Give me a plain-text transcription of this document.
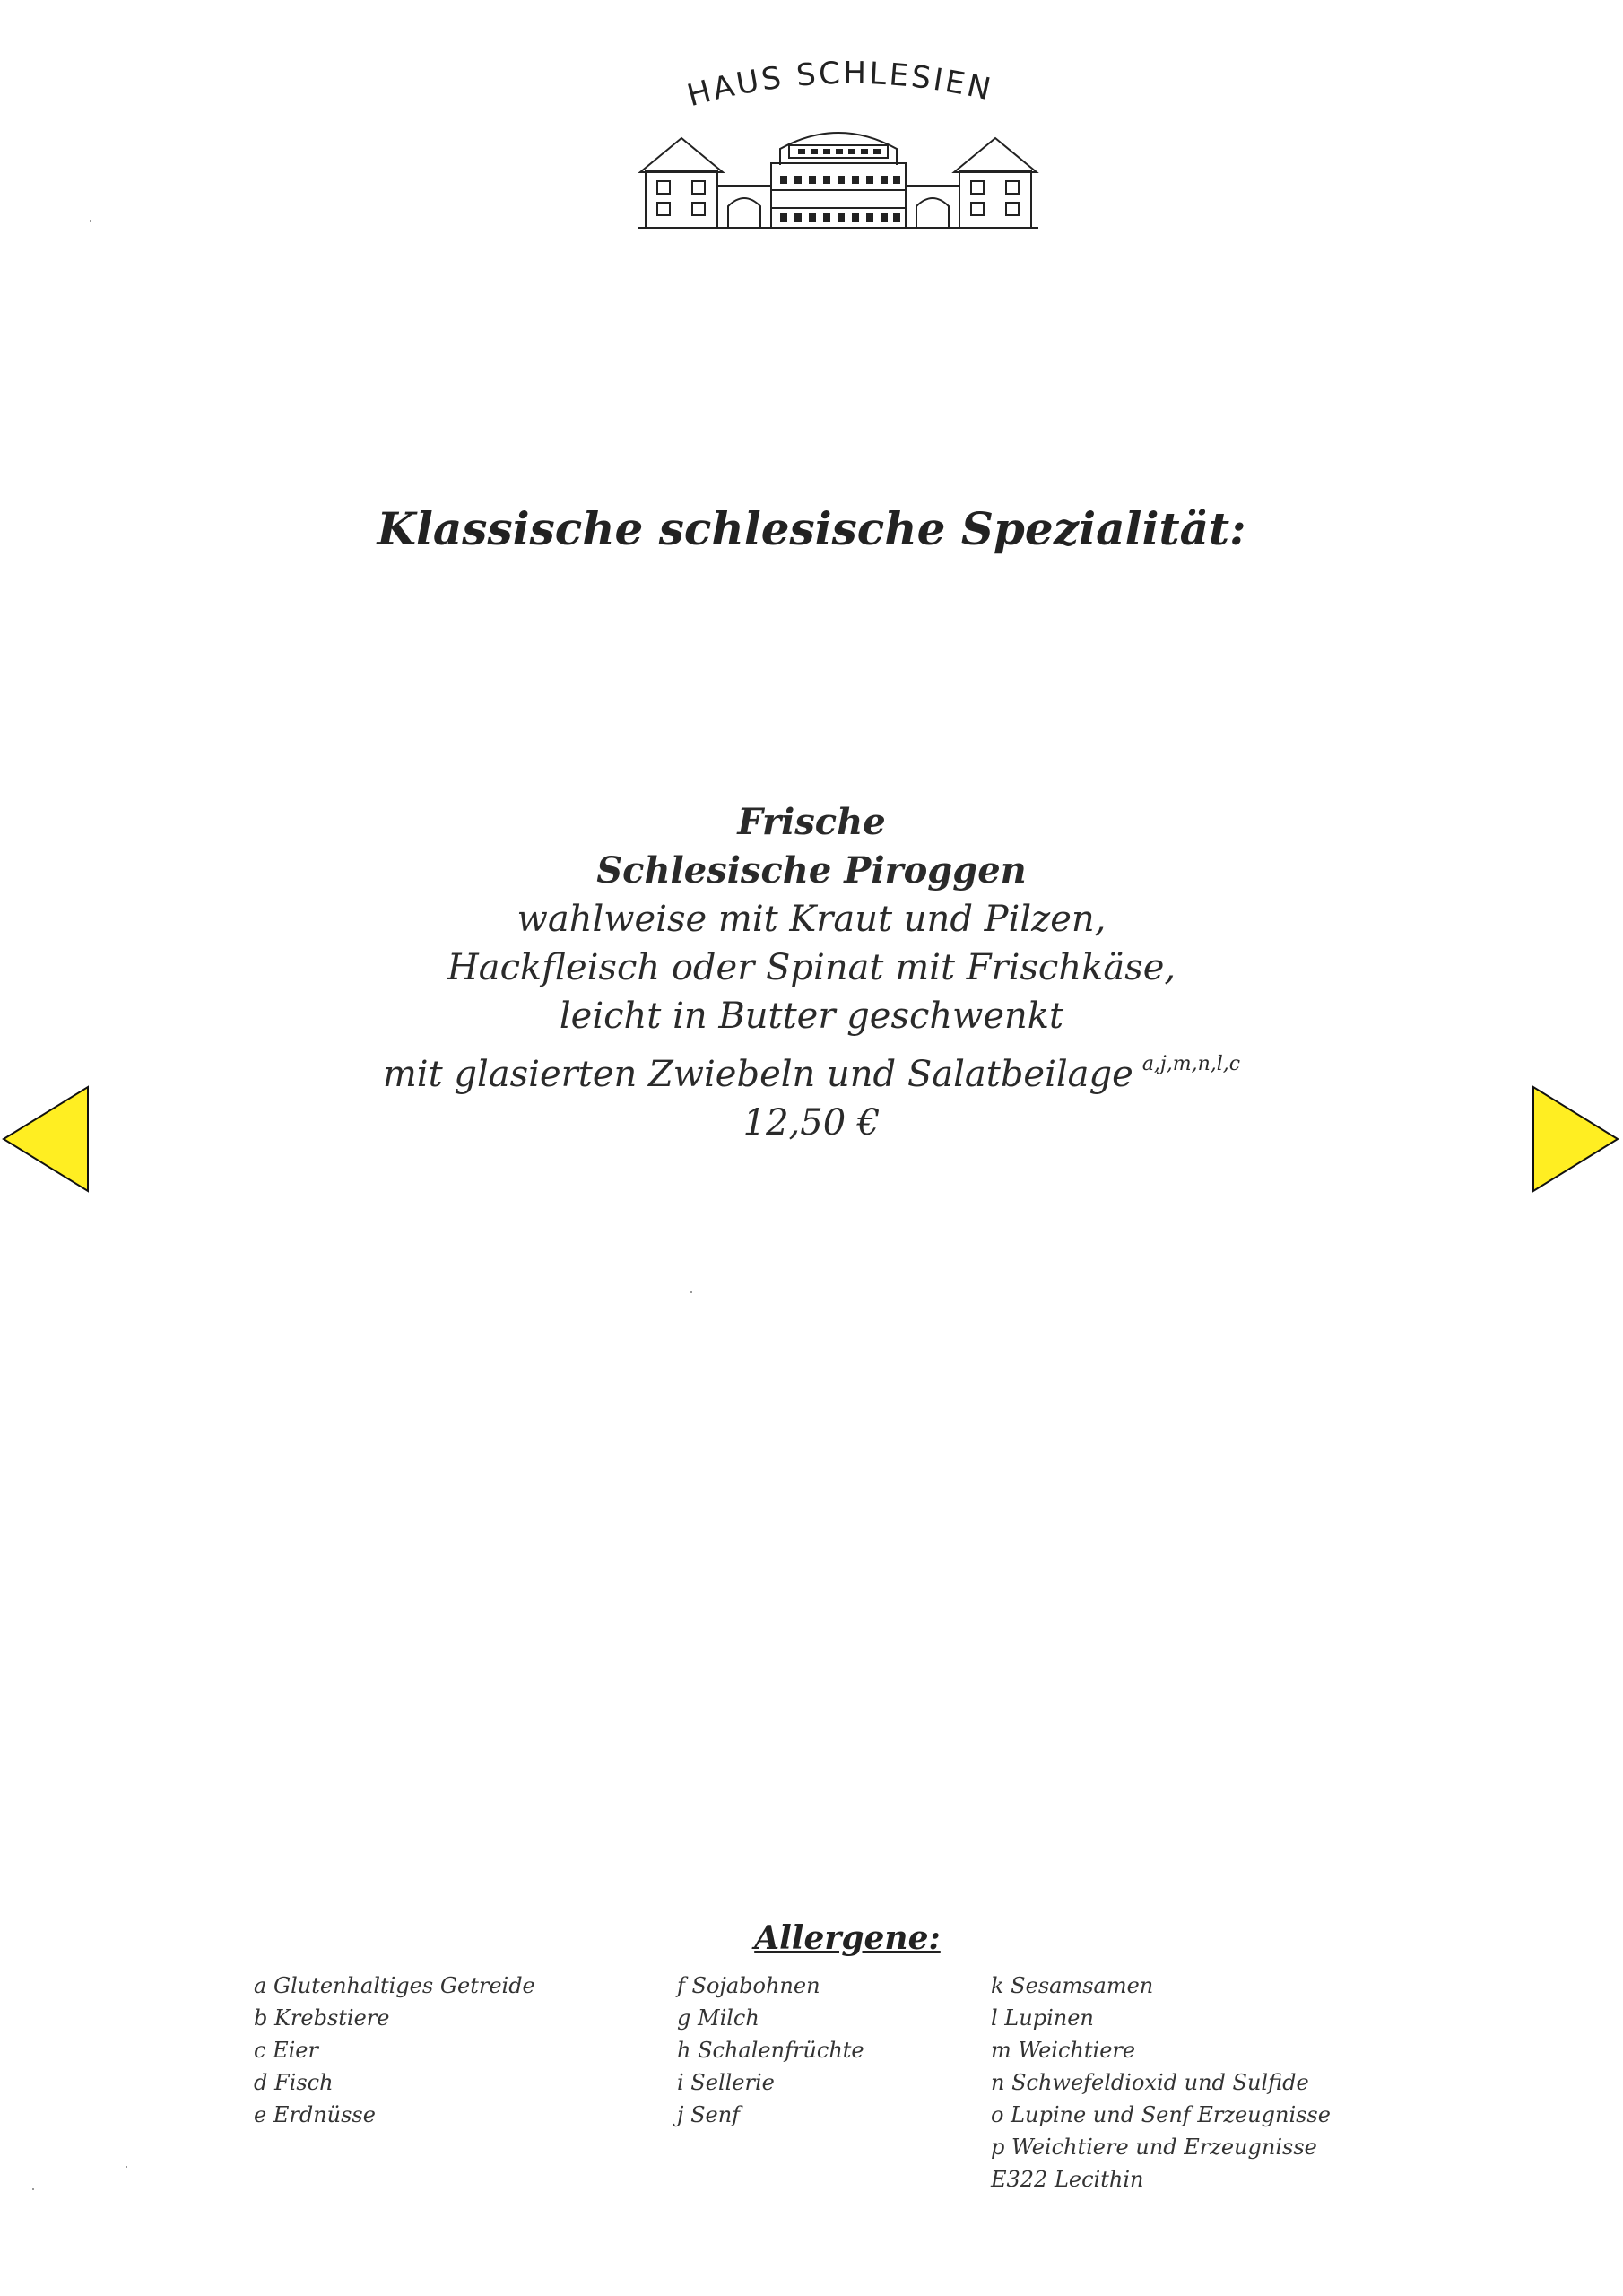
HAUS SCHLESIEN
Klassische schlesische Spezialität:
Frische
Schlesische Piroggen
wahlweise mit Kraut und Pilzen,
Hackfleisch oder Spinat mit Frischkäse,
leicht in Butter geschwenkt
mit glasierten Zwiebeln und Salatbeilage $^{a,j,m,n,l,c}$
12,50 €
Allergene:
a Glutenhaltiges Getreide
b Krebstiere
c Eier
d Fisch
e Erdnüsse
f Sojabohnen
g Milch
h Schalenfrüchte
i Sellerie
j Senf
k Sesamsamen
l Lupinen
m Weichtiere
n Schwefeldioxid und Sulfide
o Lupine und Senf Erzeugnisse
p Weichtiere und Erzeugnisse
E322 Lecithin
